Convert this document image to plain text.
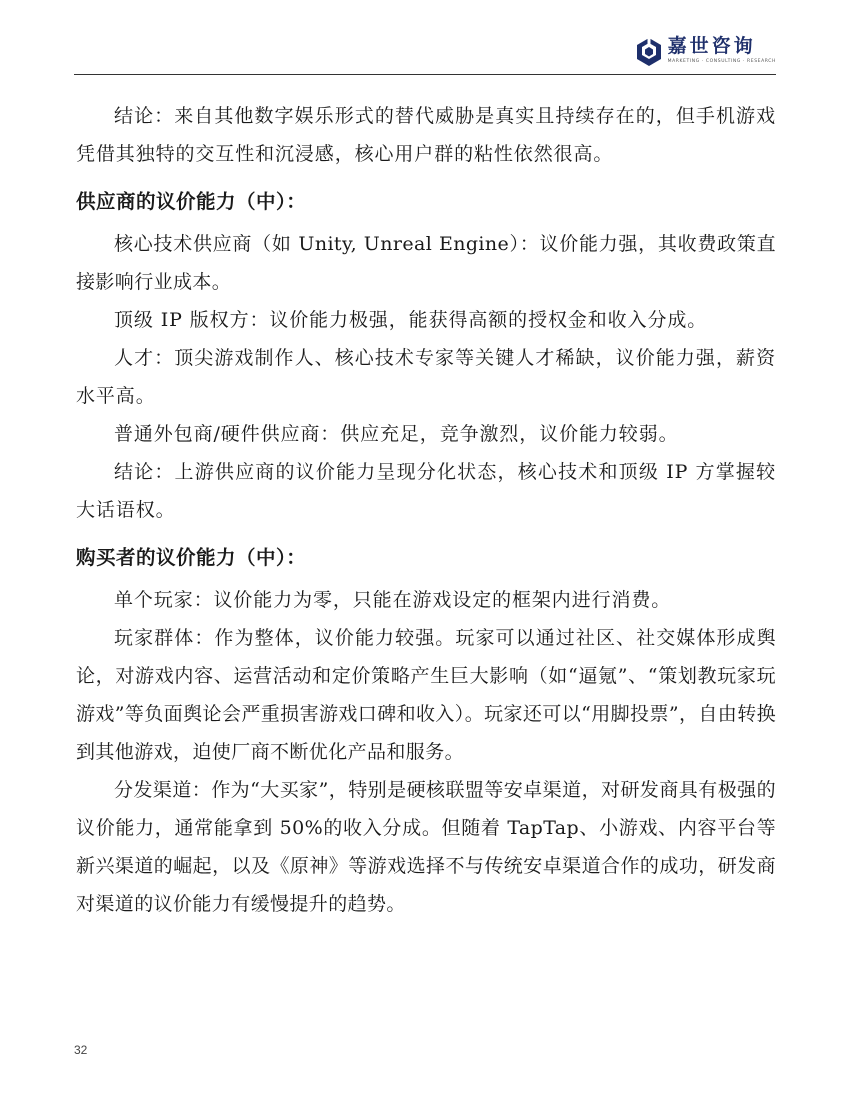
嘉世咨询
MARKETING · CONSULTING · RESEARCH

结论：来自其他数字娱乐形式的替代威胁是真实且持续存在的，但手机游戏凭借其独特的交互性和沉浸感，核心用户群的粘性依然很高。

供应商的议价能力（中）：

核心技术供应商（如 Unity, Unreal Engine）：议价能力强，其收费政策直接影响行业成本。

顶级 IP 版权方：议价能力极强，能获得高额的授权金和收入分成。

人才：顶尖游戏制作人、核心技术专家等关键人才稀缺，议价能力强，薪资水平高。

普通外包商/硬件供应商：供应充足，竞争激烈，议价能力较弱。

结论：上游供应商的议价能力呈现分化状态，核心技术和顶级 IP 方掌握较大话语权。

购买者的议价能力（中）：

单个玩家：议价能力为零，只能在游戏设定的框架内进行消费。

玩家群体：作为整体，议价能力较强。玩家可以通过社区、社交媒体形成舆论，对游戏内容、运营活动和定价策略产生巨大影响（如“逼氪”、“策划教玩家玩游戏”等负面舆论会严重损害游戏口碑和收入）。玩家还可以“用脚投票”，自由转换到其他游戏，迫使厂商不断优化产品和服务。

分发渠道：作为“大买家”，特别是硬核联盟等安卓渠道，对研发商具有极强的议价能力，通常能拿到 50%的收入分成。但随着 TapTap、小游戏、内容平台等新兴渠道的崛起，以及《原神》等游戏选择不与传统安卓渠道合作的成功，研发商对渠道的议价能力有缓慢提升的趋势。

32
